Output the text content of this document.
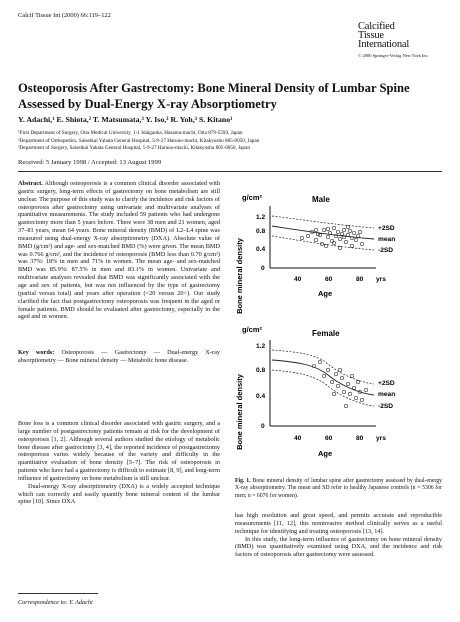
Calcif Tissue Int (2000) 66:119–122
Calcified
Tissue
International
© 2000 Springer-Verlag New York Inc.
Osteoporosis After Gastrectomy: Bone Mineral Density of Lumbar Spine Assessed by Dual-Energy X-ray Absorptiometry
Y. Adachi,¹ E. Shiota,² T. Matsumata,³ Y. Iso,³ R. Yoh,³ S. Kitano¹
¹First Department of Surgery, Oita Medical University, 1-1 Idaigaoka, Hasama-machi, Oita 879-5593, Japan
²Department of Orthopedics, Saiseikai Yahata General Hospital, 5-9-27 Haruno-machi, Kitakyushu 805-0050, Japan
³Department of Surgery, Saiseikai Yahata General Hospital, 5-9-27 Haruno-machi, Kitakyushu 805-0050, Japan
Received: 5 January 1998 / Accepted: 13 August 1999

Abstract. Although osteoporosis is a common clinical disorder associated with gastric surgery, long-term effects of gastrectomy on bone metabolism are still unclear. The purpose of this study was to clarify the incidence and risk factors of osteoporosis after gastrectomy using univariate and multivariate analyses of quantitative measurements. The study included 59 patients who had undergone gastrectomy more than 5 years before. There were 38 men and 21 women, aged 37–81 years, mean 64 years. Bone mineral density (BMD) of L2–L4 spine was measured using dual-energy X-ray absorptiometry (DXA). Absolute value of BMD (g/cm²) and age- and sex-matched BMD (%) were given. The mean BMD was 0.766 g/cm², and the incidence of osteoporosis (BMD less than 0.70 g/cm²) was 37%: 18% in men and 71% in women. The mean age- and sex-matched BMD was 85.9%: 87.5% in men and 83.1% in women. Univariate and multivariate analyses revealed that BMD was significantly associated with the age and sex of patients, but was not influenced by the type of gastrectomy (partial versus total) and years after operation (<20 versus 20<). Our study clarified the fact that postgastrectomy osteoporosis was frequent in the aged or female patients. BMD should be evaluated after gastrectomy, especially in the aged and in women.

Key words: Osteoporosis — Gastrectomy — Dual-energy X-ray absorptiometry — Bone mineral density — Metabolic bone disease.

Bone loss is a common clinical disorder associated with gastric surgery, and a large number of postgastrectomy patients remain at risk for the development of osteoporosis [1, 2]. Although several authors studied the etiology of metabolic bone disease after gastrectomy [3, 4], the reported incidence of postgastrectomy osteoporosis varies widely because of the variety and difficulty in the quantitative evaluation of bone density [5–7]. The risk of osteoporosis in patients who have had a gastrectomy is difficult to estimate [8, 9], and long-term influence of gastrectomy on bone metabolism is still unclear.

Dual-energy X-ray absorptiometry (DXA) is a widely accepted technique which can correctly and easily quantify bone mineral content of the lumbar spine [10]. Since DXA

Correspondence to: Y. Adachi
g/cm²	Male
Bone mineral density
1.2
0.8
0.4
0
40	60	80 yrs
Age
+2SD
mean
-2SD
g/cm²	Female
Bone mineral density
1.2
0.8
0.4
0
40	60	80 yrs
Age
+2SD
mean
-2SD

Fig. 1. Bone mineral density of lumbar spine after gastrectomy assessed by dual-energy X-ray absorptiometry. The mean and SD refer to healthy Japanese controls (n = 5306 for men; n = 6076 for women).

has high resolution and great speed, and permits accurate and reproducible measurements [11, 12], this noninvasive method clinically serves as a useful technique for identifying and treating osteoporosis [13, 14].

In this study, the long-term influence of gastrectomy on bone mineral density (BMD) was quantitatively examined using DXA, and the incidence and risk factors of osteoporosis after gastrectomy were assessed.
